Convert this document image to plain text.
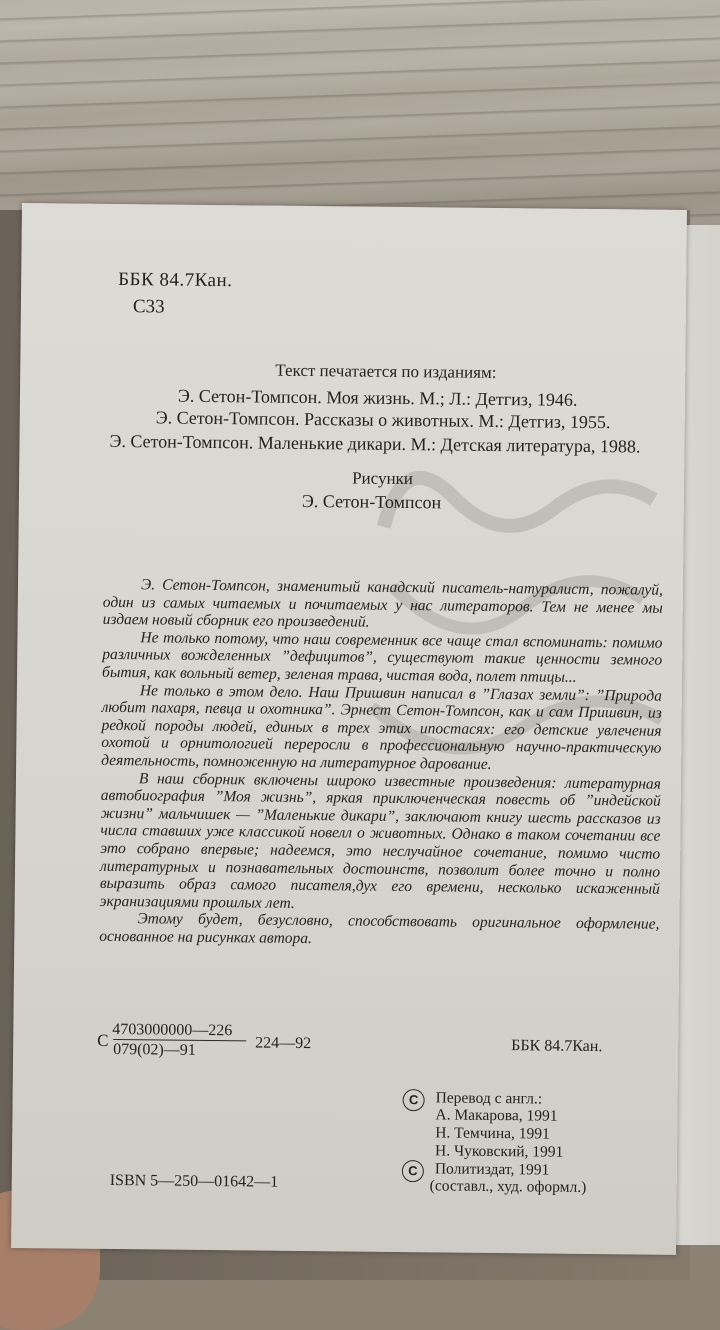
ББК 84.7Кан.
С33
Текст печатается по изданиям:
Э. Сетон-Томпсон. Моя жизнь. М.; Л.: Детгиз, 1946.
Э. Сетон-Томпсон. Рассказы о животных. М.: Детгиз, 1955.
Э. Сетон-Томпсон. Маленькие дикари. М.: Детская литература, 1988.
Рисунки
Э. Сетон-Томпсон

Э. Сетон-Томпсон, знаменитый канадский писатель-натуралист, пожалуй, один из самых читаемых и почитаемых у нас литераторов. Тем не менее мы издаем новый сборник его произведений.

Не только потому, что наш современник все чаще стал вспоминать: помимо различных вожделенных ”дефицитов”, существуют такие ценности земного бытия, как вольный ветер, зеленая трава, чистая вода, полет птицы...

Не только в этом дело. Наш Пришвин написал в ”Глазах земли”: ”Природа любит пахаря, певца и охотника”. Эрнест Сетон-Томпсон, как и сам Пришвин, из редкой породы людей, единых в трех этих ипостасях: его детские увлечения охотой и орнитологией переросли в профессиональную научно-практическую деятельность, помноженную на литературное дарование.

В наш сборник включены широко известные произведения: литературная автобиография ”Моя жизнь”, яркая приключенческая повесть об ”индейской жизни” мальчишек — ”Маленькие дикари”, заключают книгу шесть рассказов из числа ставших уже классикой новелл о животных. Однако в таком сочетании все это собрано впервые; надеемся, это неслучайное сочетание, помимо чисто литературных и познавательных достоинств, позволит более точно и полно выразить образ самого писателя,дух его времени, несколько искаженный экранизациями прошлых лет.

Этому будет, безусловно, способствовать оригинальное оформление, основанное на рисунках автора.

С
4703000000—226
079(02)—91	224—92	ББК 84.7Кан.
C	Перевод с англ.:
А. Макарова, 1991
Н. Темчина, 1991
Н. Чуковский, 1991
C	Политиздат, 1991
(составл., худ. оформл.)
ISBN 5—250—01642—1
